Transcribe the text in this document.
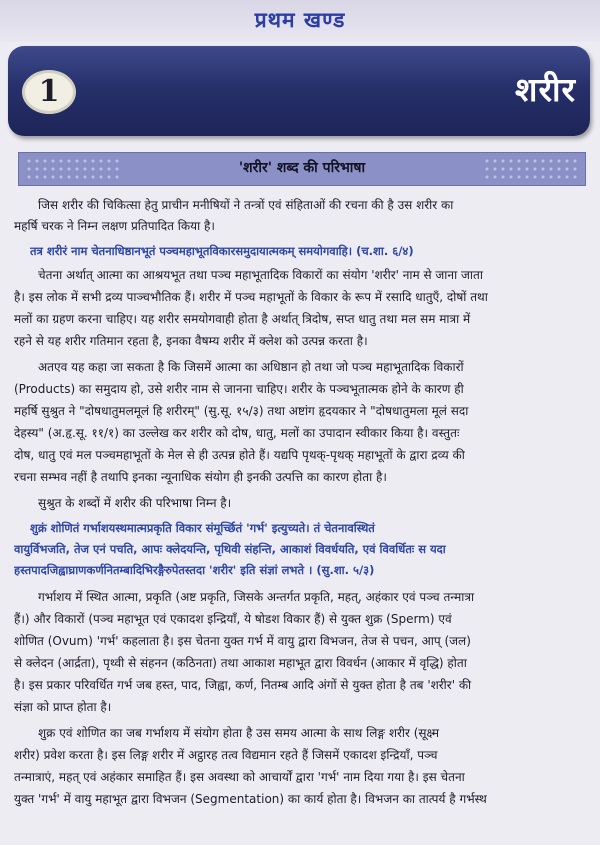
प्रथम खण्ड
1	शरीर
'शरीर' शब्द की परिभाषा
जिस शरीर की चिकित्सा हेतु प्राचीन मनीषियों ने तन्त्रों एवं संहिताओं की रचना की है उस शरीर का
महर्षि चरक ने निम्न लक्षण प्रतिपादित किया है।
तत्र शरीरं नाम चेतनाधिष्ठानभूतं पञ्चमहाभूतविकारसमुदायात्मकम् समयोगवाहि। (च.शा. ६/४)
चेतना अर्थात् आत्मा का आश्रयभूत तथा पञ्च महाभूतादिक विकारों का संयोग 'शरीर' नाम से जाना जाता
है। इस लोक में सभी द्रव्य पाञ्चभौतिक हैं। शरीर में पञ्च महाभूतों के विकार के रूप में रसादि धातुएँ, दोषों तथा
मलों का ग्रहण करना चाहिए। यह शरीर समयोगवाही होता है अर्थात् त्रिदोष, सप्त धातु तथा मल सम मात्रा में
रहने से यह शरीर गतिमान रहता है, इनका वैषम्य शरीर में क्लेश को उत्पन्न करता है।
अतएव यह कहा जा सकता है कि जिसमें आत्मा का अधिष्ठान हो तथा जो पञ्च महाभूतादिक विकारों
(Products) का समुदाय हो, उसे शरीर नाम से जानना चाहिए। शरीर के पञ्चभूतात्मक होने के कारण ही
महर्षि सुश्रुत ने "दोषधातुमलमूलं हि शरीरम्" (सु.सू. १५/३) तथा अष्टांग हृदयकार ने "दोषधातुमला मूलं सदा
देहस्य" (अ.हृ.सू. ११/१) का उल्लेख कर शरीर को दोष, धातु, मलों का उपादान स्वीकार किया है। वस्तुतः
दोष, धातु एवं मल पञ्चमहाभूतों के मेल से ही उत्पन्न होते हैं। यद्यपि पृथक्-पृथक् महाभूतों के द्वारा द्रव्य की
रचना सम्भव नहीं है तथापि इनका न्यूनाधिक संयोग ही इनकी उत्पत्ति का कारण होता है।
सुश्रुत के शब्दों में शरीर की परिभाषा निम्न है।
शुक्रं शोणितं गर्भाशयस्थमात्मप्रकृति विकार संमूर्च्छितं 'गर्भ' इत्युच्यते। तं चेतनावस्थितं
वायुर्विभजति, तेज एनं पचति, आपः क्लेदयन्ति, पृथिवी संहन्ति, आकाशं विवर्धयति, एवं विवर्धितः स यदा
हस्तपादजिह्वाघ्राणकर्णनितम्बादिभिरङ्गैरुपेतस्तदा 'शरीर' इति संज्ञां लभते । (सु.शा. ५/३)
गर्भाशय में स्थित आत्मा, प्रकृति (अष्ट प्रकृति, जिसके अन्तर्गत प्रकृति, महत्, अहंकार एवं पञ्च तन्मात्रा
हैं।) और विकारों (पञ्च महाभूत एवं एकादश इन्द्रियाँ, ये षोडश विकार हैं) से युक्त शुक्र (Sperm) एवं
शोणित (Ovum) 'गर्भ' कहलाता है। इस चेतना युक्त गर्भ में वायु द्वारा विभजन, तेज से पचन, आप् (जल)
से क्लेदन (आर्द्रता), पृथ्वी से संहनन (कठिनता) तथा आकाश महाभूत द्वारा विवर्धन (आकार में वृद्धि) होता
है। इस प्रकार परिवर्धित गर्भ जब हस्त, पाद, जिह्वा, कर्ण, नितम्ब आदि अंगों से युक्त होता है तब 'शरीर' की
संज्ञा को प्राप्त होता है।
शुक्र एवं शोणित का जब गर्भाशय में संयोग होता है उस समय आत्मा के साथ लिङ्ग शरीर (सूक्ष्म
शरीर) प्रवेश करता है। इस लिङ्ग शरीर में अट्ठारह तत्व विद्यमान रहते हैं जिसमें एकादश इन्द्रियाँ, पञ्च
तन्मात्राएं, महत् एवं अहंकार समाहित हैं। इस अवस्था को आचार्यों द्वारा 'गर्भ' नाम दिया गया है। इस चेतना
युक्त 'गर्भ' में वायु महाभूत द्वारा विभजन (Segmentation) का कार्य होता है। विभजन का तात्पर्य है गर्भस्थ
